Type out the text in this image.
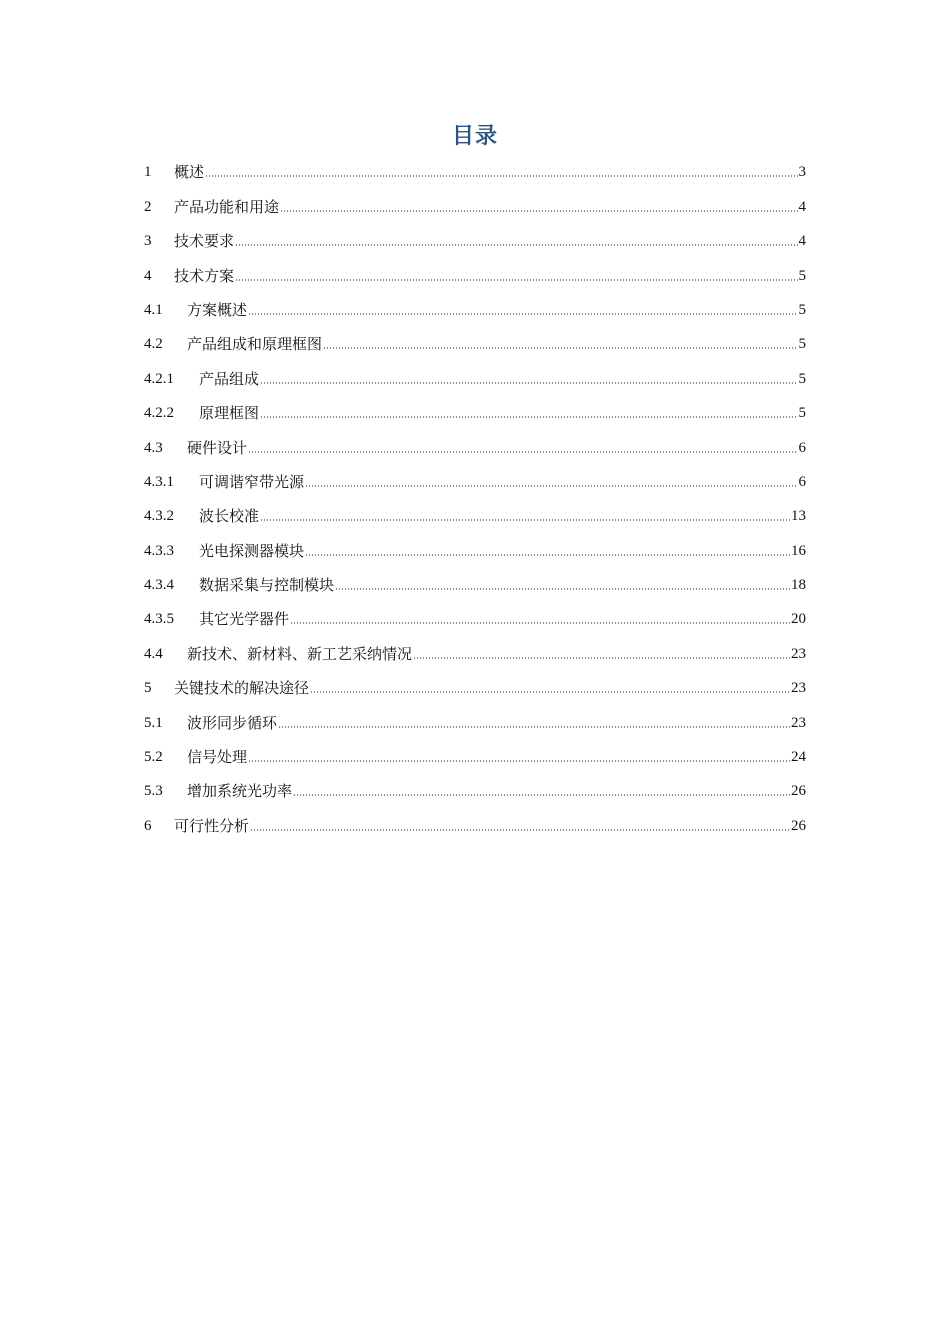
目录
1	概述	3
2	产品功能和用途	4
3	技术要求	4
4	技术方案	5
4.1	方案概述	5
4.2	产品组成和原理框图	5
4.2.1	产品组成	5
4.2.2	原理框图	5
4.3	硬件设计	6
4.3.1	可调谐窄带光源	6
4.3.2	波长校准	13
4.3.3	光电探测器模块	16
4.3.4	数据采集与控制模块	18
4.3.5	其它光学器件	20
4.4	新技术、新材料、新工艺采纳情况	23
5	关键技术的解决途径	23
5.1	波形同步循环	23
5.2	信号处理	24
5.3	增加系统光功率	26
6	可行性分析	26
